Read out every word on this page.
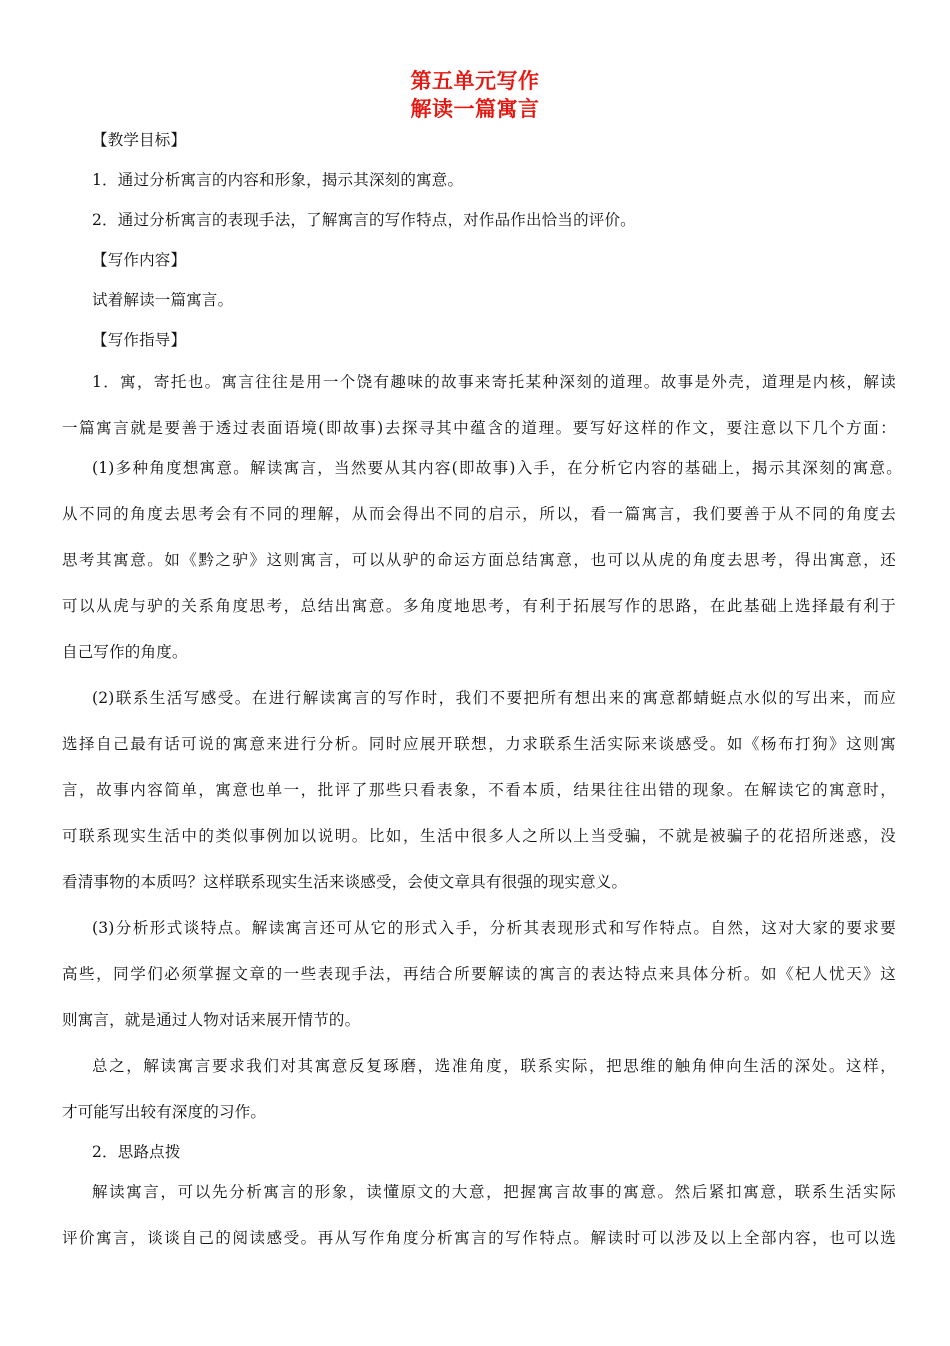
第五单元写作
解读一篇寓言
【教学目标】
1．通过分析寓言的内容和形象，揭示其深刻的寓意。
2．通过分析寓言的表现手法，了解寓言的写作特点，对作品作出恰当的评价。
【写作内容】
试着解读一篇寓言。
【写作指导】
1．寓，寄托也。寓言往往是用一个饶有趣味的故事来寄托某种深刻的道理。故事是外壳，道理是内核，解读
一篇寓言就是要善于透过表面语境(即故事)去探寻其中蕴含的道理。要写好这样的作文，要注意以下几个方面：
(1)多种角度想寓意。解读寓言，当然要从其内容(即故事)入手，在分析它内容的基础上，揭示其深刻的寓意。
从不同的角度去思考会有不同的理解，从而会得出不同的启示，所以，看一篇寓言，我们要善于从不同的角度去
思考其寓意。如《黔之驴》这则寓言，可以从驴的命运方面总结寓意，也可以从虎的角度去思考，得出寓意，还
可以从虎与驴的关系角度思考，总结出寓意。多角度地思考，有利于拓展写作的思路，在此基础上选择最有利于
自己写作的角度。
(2)联系生活写感受。在进行解读寓言的写作时，我们不要把所有想出来的寓意都蜻蜓点水似的写出来，而应
选择自己最有话可说的寓意来进行分析。同时应展开联想，力求联系生活实际来谈感受。如《杨布打狗》这则寓
言，故事内容简单，寓意也单一，批评了那些只看表象，不看本质，结果往往出错的现象。在解读它的寓意时，
可联系现实生活中的类似事例加以说明。比如，生活中很多人之所以上当受骗，不就是被骗子的花招所迷惑，没
看清事物的本质吗？这样联系现实生活来谈感受，会使文章具有很强的现实意义。
(3)分析形式谈特点。解读寓言还可从它的形式入手，分析其表现形式和写作特点。自然，这对大家的要求要
高些，同学们必须掌握文章的一些表现手法，再结合所要解读的寓言的表达特点来具体分析。如《杞人忧天》这
则寓言，就是通过人物对话来展开情节的。
总之，解读寓言要求我们对其寓意反复琢磨，选准角度，联系实际，把思维的触角伸向生活的深处。这样，
才可能写出较有深度的习作。
2．思路点拨
解读寓言，可以先分析寓言的形象，读懂原文的大意，把握寓言故事的寓意。然后紧扣寓意，联系生活实际
评价寓言，谈谈自己的阅读感受。再从写作角度分析寓言的写作特点。解读时可以涉及以上全部内容，也可以选
